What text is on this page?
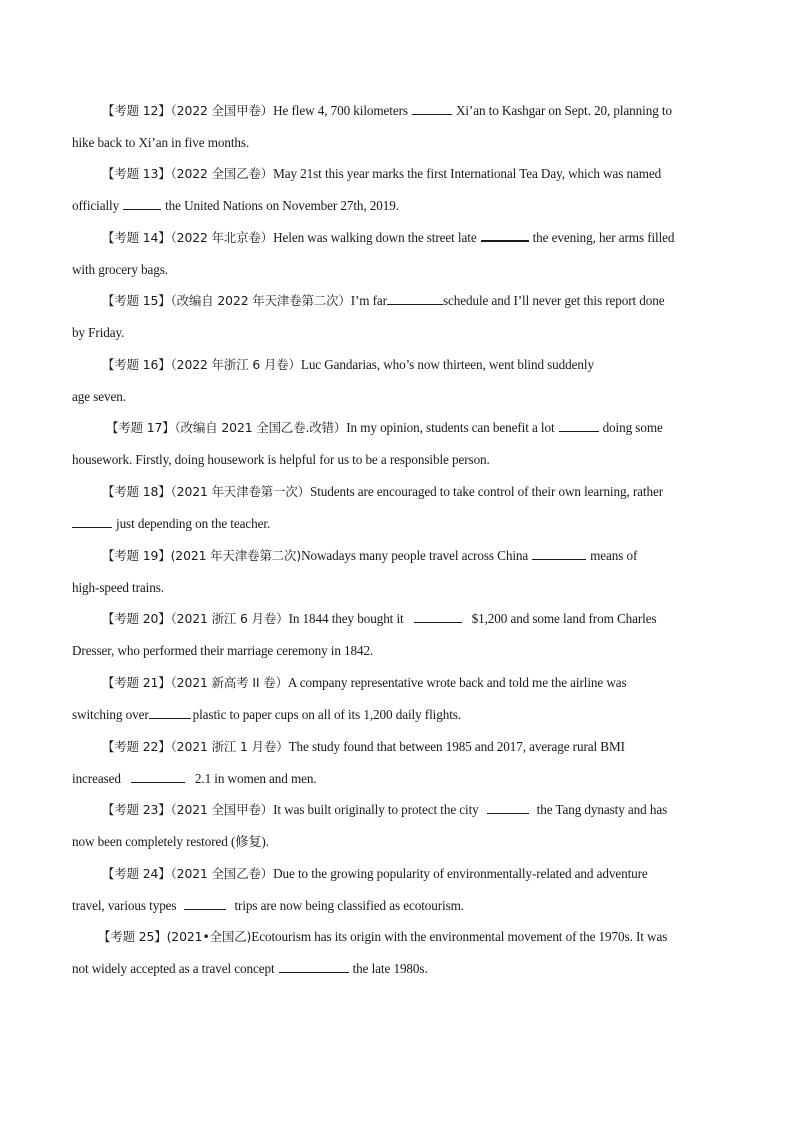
【考题 12】（2022 全国甲卷）He flew 4, 700 kilometers	Xi’an to Kashgar on Sept. 20, planning to
hike back to Xi’an in five months.
【考题 13】（2022 全国乙卷）May 21st this year marks the first International Tea Day, which was named
officially	the United Nations on November 27th, 2019.
【考题 14】（2022 年北京卷）Helen was walking down the street late	the evening, her arms filled
with grocery bags.
【考题 15】（改编自 2022 年天津卷第二次）I’m far	schedule and I’ll never get this report done
by Friday.
【考题 16】（2022 年浙江 6 月卷）Luc Gandarias, who’s now thirteen, went blind suddenly
age seven.
【考题 17】（改编自 2021 全国乙卷.改错）In my opinion, students can benefit a lot	doing some
housework. Firstly, doing housework is helpful for us to be a responsible person.
【考题 18】（2021 年天津卷第一次）Students are encouraged to take control of their own learning, rather
just depending on the teacher.
【考题 19】(2021 年天津卷第二次)Nowadays many people travel across China	means of
high-speed trains.
【考题 20】（2021 浙江 6 月卷）In 1844 they bought it	$1,200 and some land from Charles
Dresser, who performed their marriage ceremony in 1842.
【考题 21】（2021 新高考 II 卷）A company representative wrote back and told me the airline was
switching over	plastic to paper cups on all of its 1,200 daily flights.
【考题 22】（2021 浙江 1 月卷）The study found that between 1985 and 2017, average rural BMI
increased	2.1 in women and men.
【考题 23】（2021 全国甲卷）It was built originally to protect the city	the Tang dynasty and has
now been completely restored (修复).
【考题 24】（2021 全国乙卷）Due to the growing popularity of environmentally-related and adventure
travel, various types	trips are now being classified as ecotourism.
【考题 25】(2021•全国乙)Ecotourism has its origin with the environmental movement of the 1970s. It was
not widely accepted as a travel concept	the late 1980s.
